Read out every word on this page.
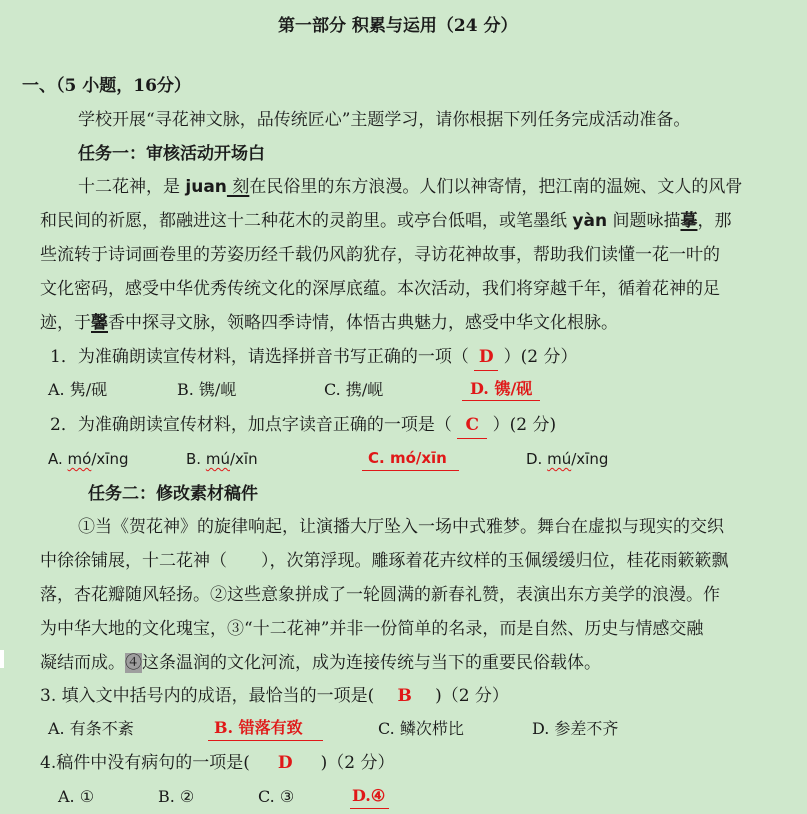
第一部分 积累与运用（24 分）
一、（5 小题，16分）
学校开展“寻花神文脉，品传统匠心”主题学习，请你根据下列任务完成活动准备。
任务一：审核活动开场白
十二花神，是 juan 刻在民俗里的东方浪漫。人们以神寄情，把江南的温婉、文人的风骨
和民间的祈愿，都融进这十二种花木的灵韵里。或亭台低唱，或笔墨纸 yàn 间题咏描摹，那
些流转于诗词画卷里的芳姿历经千载仍风韵犹存，寻访花神故事，帮助我们读懂一花一叶的
文化密码，感受中华优秀传统文化的深厚底蕴。本次活动，我们将穿越千年，循着花神的足
迹，于馨香中探寻文脉，领略四季诗情，体悟古典魅力，感受中华文化根脉。
1．为准确朗读宣传材料，请选择拼音书写正确的一项（ D ）(2 分）
A. 隽/砚	B. 镌/岘	C. 携/岘	D. 镌/砚
2．为准确朗读宣传材料，加点字读音正确的一项是（ C ）(2 分)
A. mó/xīng	B. mú/xīn	C. mó/xīn	D. mú/xīng
任务二：修改素材稿件
①当《贺花神》的旋律响起，让演播大厅坠入一场中式雅梦。舞台在虚拟与现实的交织
中徐徐铺展，十二花神（　　），次第浮现。雕琢着花卉纹样的玉佩缓缓归位，桂花雨簌簌飘
落，杏花瓣随风轻扬。②这些意象拼成了一轮圆满的新春礼赞，表演出东方美学的浪漫。作
为中华大地的文化瑰宝，③“十二花神”并非一份简单的名录，而是自然、历史与情感交融
凝结而成。④这条温润的文化河流，成为连接传统与当下的重要民俗载体。
3. 填入文中括号内的成语，最恰当的一项是( B )（2 分）
A. 有条不紊	B. 错落有致	C. 鳞次栉比	D. 参差不齐
4.稿件中没有病句的一项是( D )（2 分）
A. ①	B. ②	C. ③	D.④
